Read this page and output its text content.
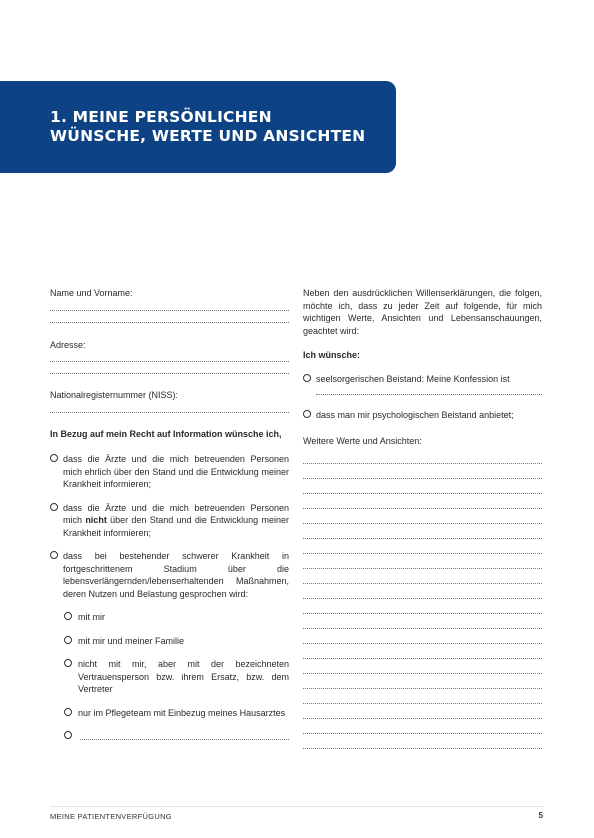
1. MEINE PERSÖNLICHEN
WÜNSCHE, WERTE UND ANSICHTEN
Name und Vorname:
Adresse:
Nationalregisternummer (NISS):
In Bezug auf mein Recht auf Information wünsche ich,
dass die Ärzte und die mich betreuenden Personen mich ehrlich über den Stand und die Entwicklung meiner Krankheit informieren;
dass die Ärzte und die mich betreuenden Personen mich nicht über den Stand und die Entwicklung meiner Krankheit informieren;
dass bei bestehender schwerer Krankheit in fortgeschrittenem Stadium über die lebensverlängernden/lebenserhaltenden Maßnahmen, deren Nutzen und Belastung gesprochen wird:
mit mir
mit mir und meiner Familie
nicht mit mir, aber mit der bezeichneten Vertrauensperson bzw. ihrem Ersatz, bzw. dem Vertreter
nur im Pflegeteam mit Einbezug meines Hausarztes

Neben den ausdrücklichen Willenserklärungen, die folgen, möchte ich, dass zu jeder Zeit auf folgende, für mich wichtigen Werte, Ansichten und Lebensanschauungen, geachtet wird:

Ich wünsche:
seelsorgerischen Beistand: Meine Konfession ist
dass man mir psychologischen Beistand anbietet;
Weitere Werte und Ansichten:
MEINE PATIENTENVERFÜGUNG	5
